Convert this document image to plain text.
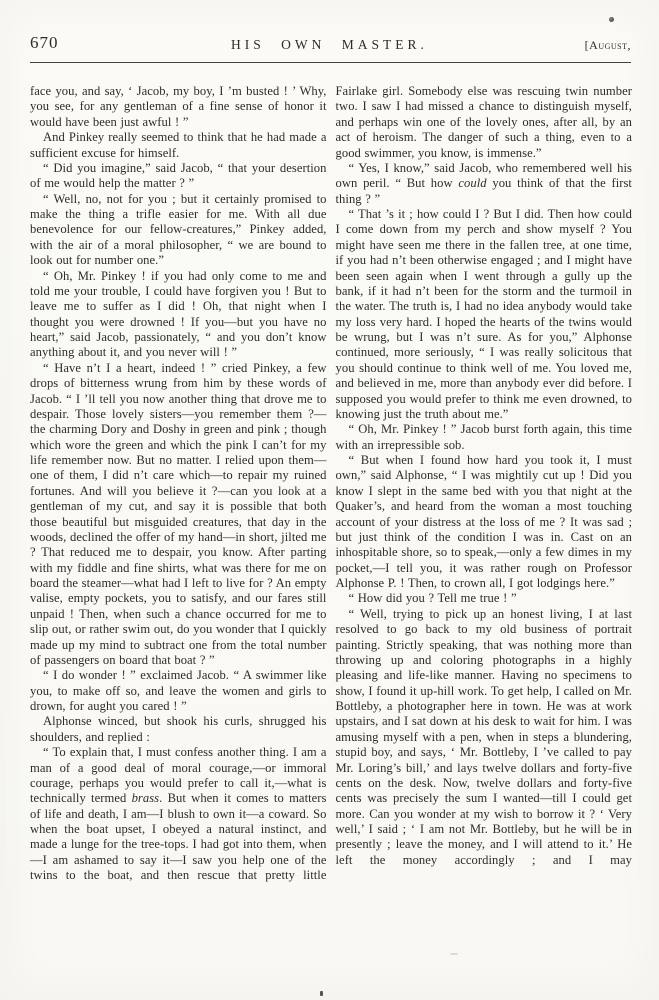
670	HIS OWN MASTER.	[August,

face you, and say, ‘ Jacob, my boy, I ’m busted ! ’ Why, you see, for any gentleman of a fine sense of honor it would have been just awful ! ”

And Pinkey really seemed to think that he had made a sufficient excuse for himself.

“ Did you imagine,” said Jacob, “ that your desertion of me would help the matter ? ”

“ Well, no, not for you ; but it certainly promised to make the thing a trifle easier for me. With all due benevolence for our fellow-creatures,” Pinkey added, with the air of a moral philosopher, “ we are bound to look out for number one.”

“ Oh, Mr. Pinkey ! if you had only come to me and told me your trouble, I could have forgiven you ! But to leave me to suffer as I did ! Oh, that night when I thought you were drowned ! If you—but you have no heart,” said Jacob, passionately, “ and you don’t know anything about it, and you never will ! ”

“ Have n’t I a heart, indeed ! ” cried Pinkey, a few drops of bitterness wrung from him by these words of Jacob. “ I ’ll tell you now another thing that drove me to despair. Those lovely sisters—you remember them ?—the charming Dory and Doshy in green and pink ; though which wore the green and which the pink I can’t for my life remember now. But no matter. I relied upon them—one of them, I did n’t care which—to repair my ruined fortunes. And will you believe it ?—can you look at a gentleman of my cut, and say it is possible that both those beautiful but misguided creatures, that day in the woods, declined the offer of my hand—in short, jilted me ? That reduced me to despair, you know. After parting with my fiddle and fine shirts, what was there for me on board the steamer—what had I left to live for ? An empty valise, empty pockets, you to satisfy, and our fares still unpaid ! Then, when such a chance occurred for me to slip out, or rather swim out, do you wonder that I quickly made up my mind to subtract one from the total number of passengers on board that boat ? ”

“ I do wonder ! ” exclaimed Jacob. “ A swimmer like you, to make off so, and leave the women and girls to drown, for aught you cared ! ”

Alphonse winced, but shook his curls, shrugged his shoulders, and replied :

“ To explain that, I must confess another thing. I am a man of a good deal of moral courage,—or immoral courage, perhaps you would prefer to call it,—what is technically termed brass. But when it comes to matters of life and death, I am—I blush to own it—a coward. So when the boat upset, I obeyed a natural instinct, and made a lunge for the tree-tops. I had got into them, when—I am ashamed to say it—I saw you help one of the twins to the boat, and then rescue that pretty little

Fairlake girl. Somebody else was rescuing twin number two. I saw I had missed a chance to distinguish myself, and perhaps win one of the lovely ones, after all, by an act of heroism. The danger of such a thing, even to a good swimmer, you know, is immense.”

“ Yes, I know,” said Jacob, who remembered well his own peril. “ But how could you think of that the first thing ? ”

“ That ’s it ; how could I ? But I did. Then how could I come down from my perch and show myself ? You might have seen me there in the fallen tree, at one time, if you had n’t been otherwise engaged ; and I might have been seen again when I went through a gully up the bank, if it had n’t been for the storm and the turmoil in the water. The truth is, I had no idea anybody would take my loss very hard. I hoped the hearts of the twins would be wrung, but I was n’t sure. As for you,” Alphonse continued, more seriously, “ I was really solicitous that you should continue to think well of me. You loved me, and believed in me, more than anybody ever did before. I supposed you would prefer to think me even drowned, to knowing just the truth about me.”

“ Oh, Mr. Pinkey ! ” Jacob burst forth again, this time with an irrepressible sob.

“ But when I found how hard you took it, I must own,” said Alphonse, “ I was mightily cut up ! Did you know I slept in the same bed with you that night at the Quaker’s, and heard from the woman a most touching account of your distress at the loss of me ? It was sad ; but just think of the condition I was in. Cast on an inhospitable shore, so to speak,—only a few dimes in my pocket,—I tell you, it was rather rough on Professor Alphonse P. ! Then, to crown all, I got lodgings here.”

“ How did you ? Tell me true ! ”

“ Well, trying to pick up an honest living, I at last resolved to go back to my old business of portrait painting. Strictly speaking, that was nothing more than throwing up and coloring photographs in a highly pleasing and life-like manner. Having no specimens to show, I found it up-hill work. To get help, I called on Mr. Bottleby, a photographer here in town. He was at work upstairs, and I sat down at his desk to wait for him. I was amusing myself with a pen, when in steps a blundering, stupid boy, and says, ‘ Mr. Bottleby, I ’ve called to pay Mr. Loring’s bill,’ and lays twelve dollars and forty-five cents on the desk. Now, twelve dollars and forty-five cents was precisely the sum I wanted—till I could get more. Can you wonder at my wish to borrow it ? ‘ Very well,’ I said ; ‘ I am not Mr. Bottleby, but he will be in presently ; leave the money, and I will attend to it.’ He left the money accordingly ; and I may
